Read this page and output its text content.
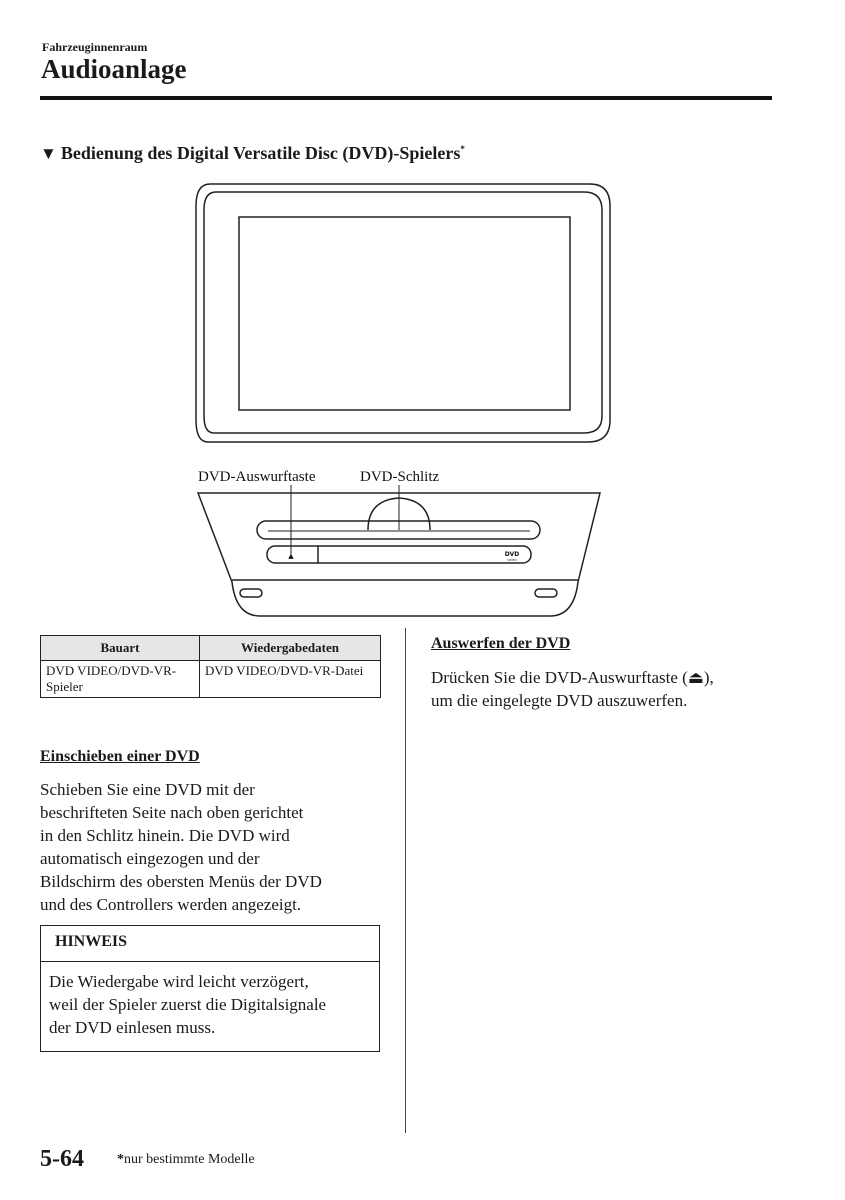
Fahrzeuginnenraum
Audioanlage
▼ Bedienung des Digital Versatile Disc (DVD)-Spielers*
DVD-Auswurftaste	DVD-Schlitz
▲	DVD
VIDEO
Bauart	Wiedergabedaten
DVD VIDEO/DVD-VR-Spieler	DVD VIDEO/DVD-VR-Datei
Einschieben einer DVD
Schieben Sie eine DVD mit der
beschrifteten Seite nach oben gerichtet
in den Schlitz hinein. Die DVD wird
automatisch eingezogen und der
Bildschirm des obersten Menüs der DVD
und des Controllers werden angezeigt.
HINWEIS
Die Wiedergabe wird leicht verzögert,
weil der Spieler zuerst die Digitalsignale
der DVD einlesen muss.
Auswerfen der DVD
Drücken Sie die DVD-Auswurftaste (⏏),
um die eingelegte DVD auszuwerfen.
5-64 *nur bestimmte Modelle
